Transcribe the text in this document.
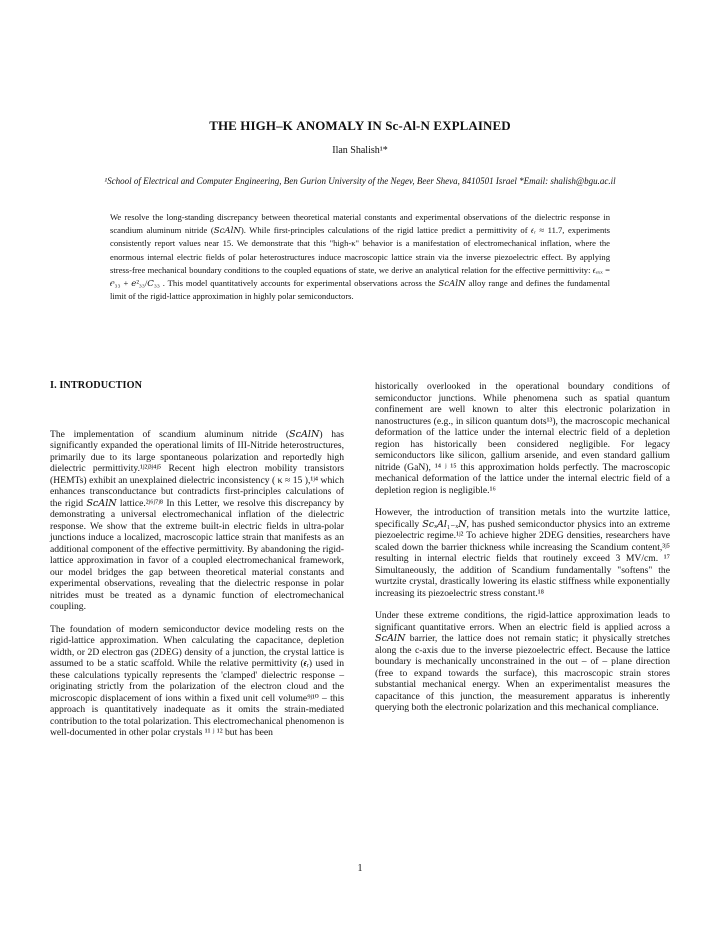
THE HIGH–Κ ANOMALY IN Sc-Al-N EXPLAINED
Ilan Shalish¹*
¹School of Electrical and Computer Engineering, Ben Gurion University of the Negev, Beer Sheva, 8410501 Israel *Email: shalish@bgu.ac.il

We resolve the long-standing discrepancy between theoretical material constants and experimental observations of the dielectric response in scandium aluminum nitride (𝑆𝑐𝐴𝑙𝑁). While first-principles calculations of the rigid lattice predict a permittivity of 𝜖ᵣ ≈ 11.7, experiments consistently report values near 15. We demonstrate that this "high-κ" behavior is a manifestation of electromechanical inflation, where the enormous internal electric fields of polar heterostructures induce macroscopic lattice strain via the inverse piezoelectric effect. By applying stress-free mechanical boundary conditions to the coupled equations of state, we derive an analytical relation for the effective permittivity: 𝜖ₑₓₓ = 𝜖ˢ₃₃ + 𝑒²₃₃/𝐶₃₃ . This model quantitatively accounts for experimental observations across the 𝑆𝑐𝐴𝑙𝑁 alloy range and defines the fundamental limit of the rigid-lattice approximation in highly polar semiconductors.

I. INTRODUCTION

The implementation of scandium aluminum nitride (𝑆𝑐𝐴𝑙𝑁) has significantly expanded the operational limits of III-Nitride heterostructures, primarily due to its large spontaneous polarization and reportedly high dielectric permittivity.¹ʲ²ʲ³ʲ⁴ʲ⁵ Recent high electron mobility transistors (HEMTs) exhibit an unexplained dielectric inconsistency ( κ ≈ 15 ),¹ʲ⁴ which enhances transconductance but contradicts first-principles calculations of the rigid 𝑆𝑐𝐴𝑙𝑁 lattice.²ʲ⁶ʲ⁷ʲ⁸ In this Letter, we resolve this discrepancy by demonstrating a universal electromechanical inflation of the dielectric response. We show that the extreme built-in electric fields in ultra-polar junctions induce a localized, macroscopic lattice strain that manifests as an additional component of the effective permittivity. By abandoning the rigid-lattice approximation in favor of a coupled electromechanical framework, our model bridges the gap between theoretical material constants and experimental observations, revealing that the dielectric response in polar nitrides must be treated as a dynamic function of electromechanical coupling.

The foundation of modern semiconductor device modeling rests on the rigid-lattice approximation. When calculating the capacitance, depletion width, or 2D electron gas (2DEG) density of a junction, the crystal lattice is assumed to be a static scaffold. While the relative permittivity (𝜖ᵣ) used in these calculations typically represents the 'clamped' dielectric response – originating strictly from the polarization of the electron cloud and the microscopic displacement of ions within a fixed unit cell volume⁹ʲ¹⁰ – this approach is quantitatively inadequate as it omits the strain-mediated contribution to the total polarization. This electromechanical phenomenon is well-documented in other polar crystals ¹¹ ʲ ¹² but has been

historically overlooked in the operational boundary conditions of semiconductor junctions. While phenomena such as spatial quantum confinement are well known to alter this electronic polarization in nanostructures (e.g., in silicon quantum dots¹³), the macroscopic mechanical deformation of the lattice under the internal electric field of a depletion region has historically been considered negligible. For legacy semiconductors like silicon, gallium arsenide, and even standard gallium nitride (GaN), ¹⁴ ʲ ¹⁵ this approximation holds perfectly. The macroscopic mechanical deformation of the lattice under the internal electric field of a depletion region is negligible.¹⁶

However, the introduction of transition metals into the wurtzite lattice, specifically 𝑆𝑐ₓ𝐴𝑙₁₋ₓ𝑁, has pushed semiconductor physics into an extreme piezoelectric regime.¹ʲ² To achieve higher 2DEG densities, researchers have scaled down the barrier thickness while increasing the Scandium content,³ʲ⁵ resulting in internal electric fields that routinely exceed 3 MV/cm. ¹⁷ Simultaneously, the addition of Scandium fundamentally "softens" the wurtzite crystal, drastically lowering its elastic stiffness while exponentially increasing its piezoelectric stress constant.¹⁸

Under these extreme conditions, the rigid-lattice approximation leads to significant quantitative errors. When an electric field is applied across a 𝑆𝑐𝐴𝑙𝑁 barrier, the lattice does not remain static; it physically stretches along the c-axis due to the inverse piezoelectric effect. Because the lattice boundary is mechanically unconstrained in the out – of – plane direction (free to expand towards the surface), this macroscopic strain stores substantial mechanical energy. When an experimentalist measures the capacitance of this junction, the measurement apparatus is inherently querying both the electronic polarization and this mechanical compliance.

1
